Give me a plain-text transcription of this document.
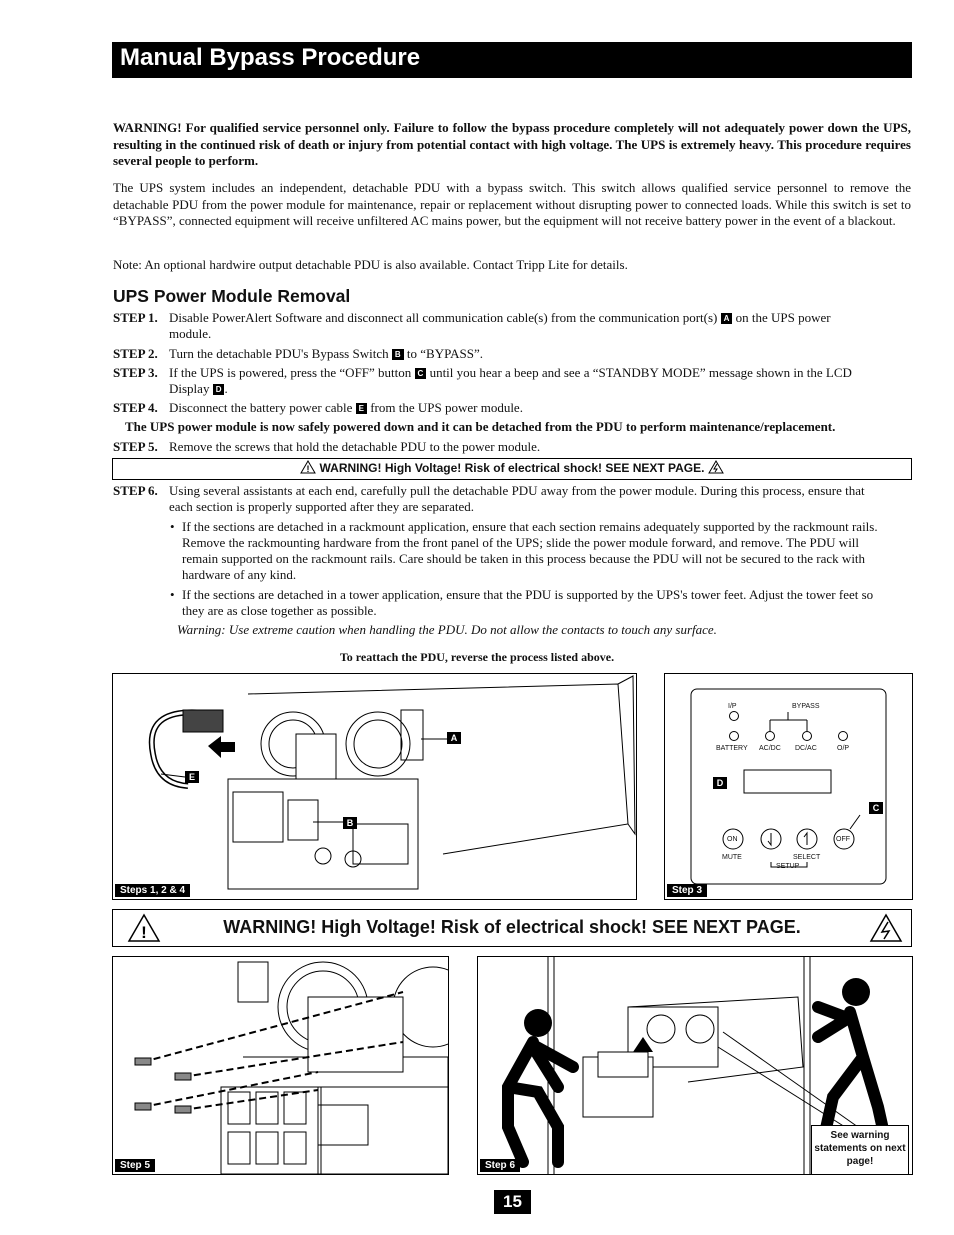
Manual Bypass Procedure

WARNING! For qualified service personnel only. Failure to follow the bypass procedure completely will not adequately power down the UPS, resulting in the continued risk of death or injury from potential contact with high voltage. The UPS is extremely heavy. This procedure requires several people to perform.

The UPS system includes an independent, detachable PDU with a bypass switch. This switch allows qualified service personnel to remove the detachable PDU from the power module for maintenance, repair or replacement without disrupting power to connected loads. While this switch is set to “BYPASS”, connected equipment will receive unfiltered AC mains power, but the equipment will not receive battery power in the event of a blackout.

Note: An optional hardwire output detachable PDU is also available. Contact Tripp Lite for details.

UPS Power Module Removal
STEP 1. Disable PowerAlert Software and disconnect all communication cable(s) from the communication port(s) A on the UPS power module.
STEP 2. Turn the detachable PDU's Bypass Switch B to “BYPASS”.
STEP 3. If the UPS is powered, press the “OFF” button C until you hear a beep and see a “STANDBY MODE” message shown in the LCD Display D .
STEP 4. Disconnect the battery power cable E from the UPS power module.
The UPS power module is now safely powered down and it can be detached from the PDU to perform maintenance/replacement.
STEP 5. Remove the screws that hold the detachable PDU to the power module.
! WARNING! High Voltage! Risk of electrical shock! SEE NEXT PAGE.
STEP 6. Using several assistants at each end, carefully pull the detachable PDU away from the power module. During this process, ensure that each section is properly supported after they are separated.
• If the sections are detached in a rackmount application, ensure that each section remains adequately supported by the rackmount rails. Remove the rackmounting hardware from the front panel of the UPS; slide the power module forward, and remove. The PDU will remain supported on the rackmount rails. Care should be taken in this process because the PDU will not be secured to the rack with hardware of any kind.
• If the sections are detached in a tower application, ensure that the PDU is supported by the UPS's tower feet. Adjust the tower feet so they are as close together as possible.
Warning: Use extreme caution when handling the PDU. Do not allow the contacts to touch any surface.
To reattach the PDU, reverse the process listed above.
A
B
E
Steps 1, 2 & 4
I/P	BYPASS
BATTERY AC/DC DC/AC	O/P
ON	OFF
MUTE	SELECT
SETUP
D
C
Step 3
!	WARNING! High Voltage! Risk of electrical shock! SEE NEXT PAGE.
Step 5	Step 6
See warning statements on next page!
15
